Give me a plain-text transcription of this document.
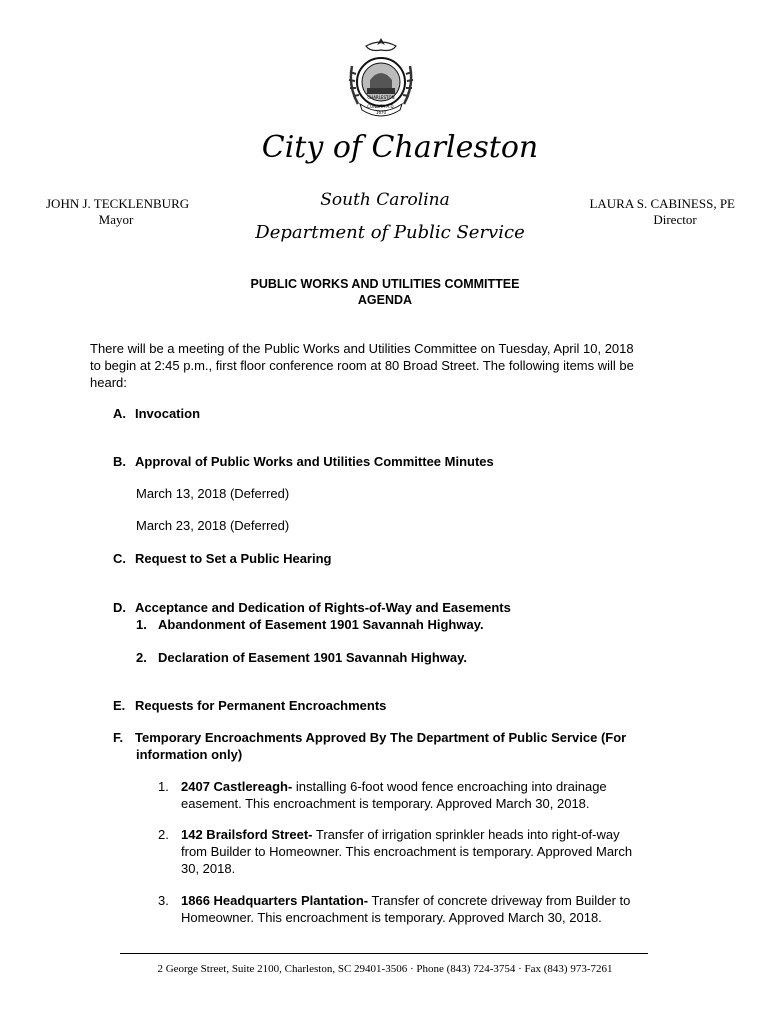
CHARLESTON
CONDITA A.D.
1670
City of Charleston
South Carolina
Department of Public Service
JOHN J. TECKLENBURG
Mayor
LAURA S. CABINESS, PE
Director
PUBLIC WORKS AND UTILITIES COMMITTEE
AGENDA
There will be a meeting of the Public Works and Utilities Committee on Tuesday, April 10, 2018
to begin at 2:45 p.m., first floor conference room at 80 Broad Street. The following items will be
heard:
A. Invocation
B. Approval of Public Works and Utilities Committee Minutes
March 13, 2018 (Deferred)
March 23, 2018 (Deferred)
C. Request to Set a Public Hearing
D. Acceptance and Dedication of Rights-of-Way and Easements
1. Abandonment of Easement 1901 Savannah Highway.
2. Declaration of Easement 1901 Savannah Highway.
E. Requests for Permanent Encroachments
F. Temporary Encroachments Approved By The Department of Public Service (For
information only)
1. 2407 Castlereagh- installing 6-foot wood fence encroaching into drainage
easement. This encroachment is temporary. Approved March 30, 2018.
2. 142 Brailsford Street- Transfer of irrigation sprinkler heads into right-of-way
from Builder to Homeowner. This encroachment is temporary. Approved March
30, 2018.
3. 1866 Headquarters Plantation- Transfer of concrete driveway from Builder to
Homeowner. This encroachment is temporary. Approved March 30, 2018.
2 George Street, Suite 2100, Charleston, SC 29401-3506 · Phone (843) 724-3754 · Fax (843) 973-7261
